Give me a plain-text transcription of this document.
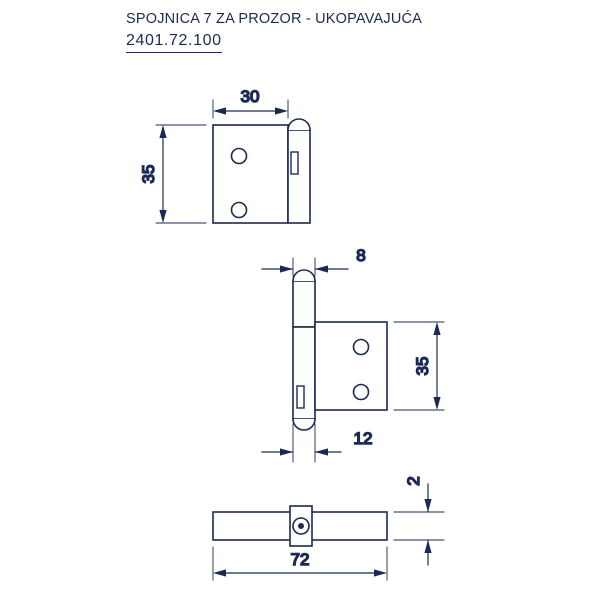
SPOJNICA 7 ZA PROZOR - UKOPAVAJUĆA
2401.72.100
30
35
8
35
12
2
72
